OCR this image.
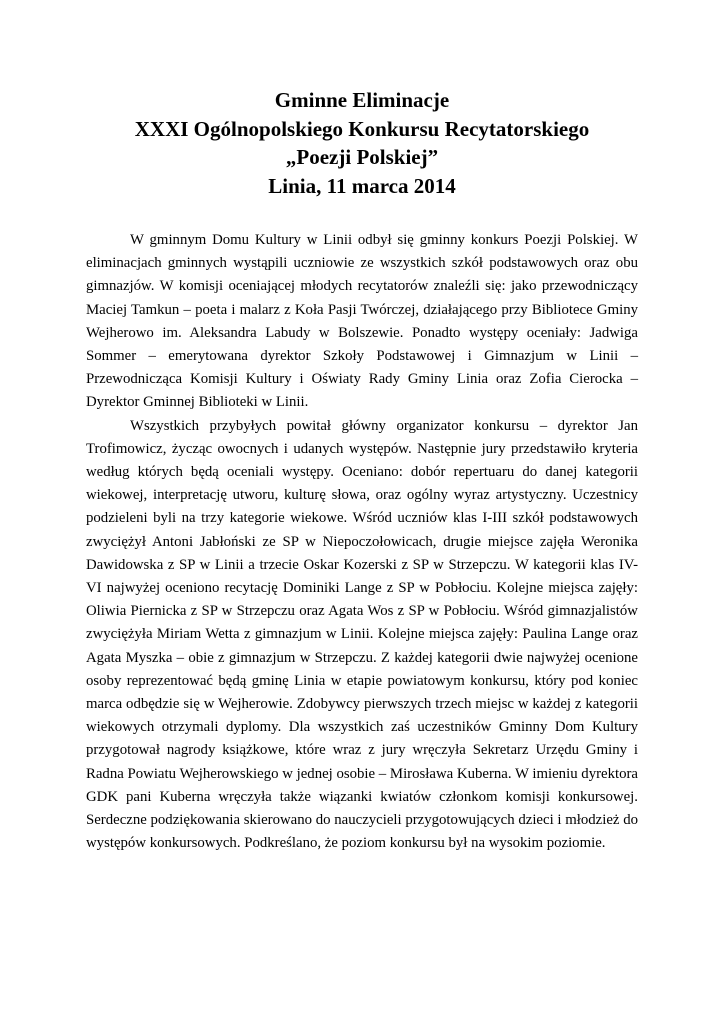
Gminne Eliminacje
XXXI Ogólnopolskiego Konkursu Recytatorskiego
„Poezji Polskiej”
Linia, 11 marca 2014

W gminnym Domu Kultury w Linii odbył się gminny konkurs Poezji Polskiej. W eliminacjach gminnych wystąpili uczniowie ze wszystkich szkół podstawowych oraz obu gimnazjów. W komisji oceniającej młodych recytatorów znaleźli się: jako przewodniczący Maciej Tamkun – poeta i malarz z Koła Pasji Twórczej, działającego przy Bibliotece Gminy Wejherowo im. Aleksandra Labudy w Bolszewie. Ponadto występy oceniały: Jadwiga Sommer – emerytowana dyrektor Szkoły Podstawowej i Gimnazjum w Linii – Przewodnicząca Komisji Kultury i Oświaty Rady Gminy Linia oraz Zofia Cierocka – Dyrektor Gminnej Biblioteki w Linii.

Wszystkich przybyłych powitał główny organizator konkursu – dyrektor Jan Trofimowicz, życząc owocnych i udanych występów. Następnie jury przedstawiło kryteria według których będą oceniali występy. Oceniano: dobór repertuaru do danej kategorii wiekowej, interpretację utworu, kulturę słowa, oraz ogólny wyraz artystyczny. Uczestnicy podzieleni byli na trzy kategorie wiekowe. Wśród uczniów klas I-III szkół podstawowych zwyciężył Antoni Jabłoński ze SP w Niepoczołowicach, drugie miejsce zajęła Weronika Dawidowska z SP w Linii a trzecie Oskar Kozerski z SP w Strzepczu. W kategorii klas IV-VI najwyżej oceniono recytację Dominiki Lange z SP w Pobłociu. Kolejne miejsca zajęły: Oliwia Piernicka z SP w Strzepczu oraz Agata Wos z SP w Pobłociu. Wśród gimnazjalistów zwyciężyła Miriam Wetta z gimnazjum w Linii. Kolejne miejsca zajęły: Paulina Lange oraz Agata Myszka – obie z gimnazjum w Strzepczu. Z każdej kategorii dwie najwyżej ocenione osoby reprezentować będą gminę Linia w etapie powiatowym konkursu, który pod koniec marca odbędzie się w Wejherowie. Zdobywcy pierwszych trzech miejsc w każdej z kategorii wiekowych otrzymali dyplomy. Dla wszystkich zaś uczestników Gminny Dom Kultury przygotował nagrody książkowe, które wraz z jury wręczyła Sekretarz Urzędu Gminy i Radna Powiatu Wejherowskiego w jednej osobie – Mirosława Kuberna. W imieniu dyrektora GDK pani Kuberna wręczyła także wiązanki kwiatów członkom komisji konkursowej. Serdeczne podziękowania skierowano do nauczycieli przygotowujących dzieci i młodzież do występów konkursowych. Podkreślano, że poziom konkursu był na wysokim poziomie.
